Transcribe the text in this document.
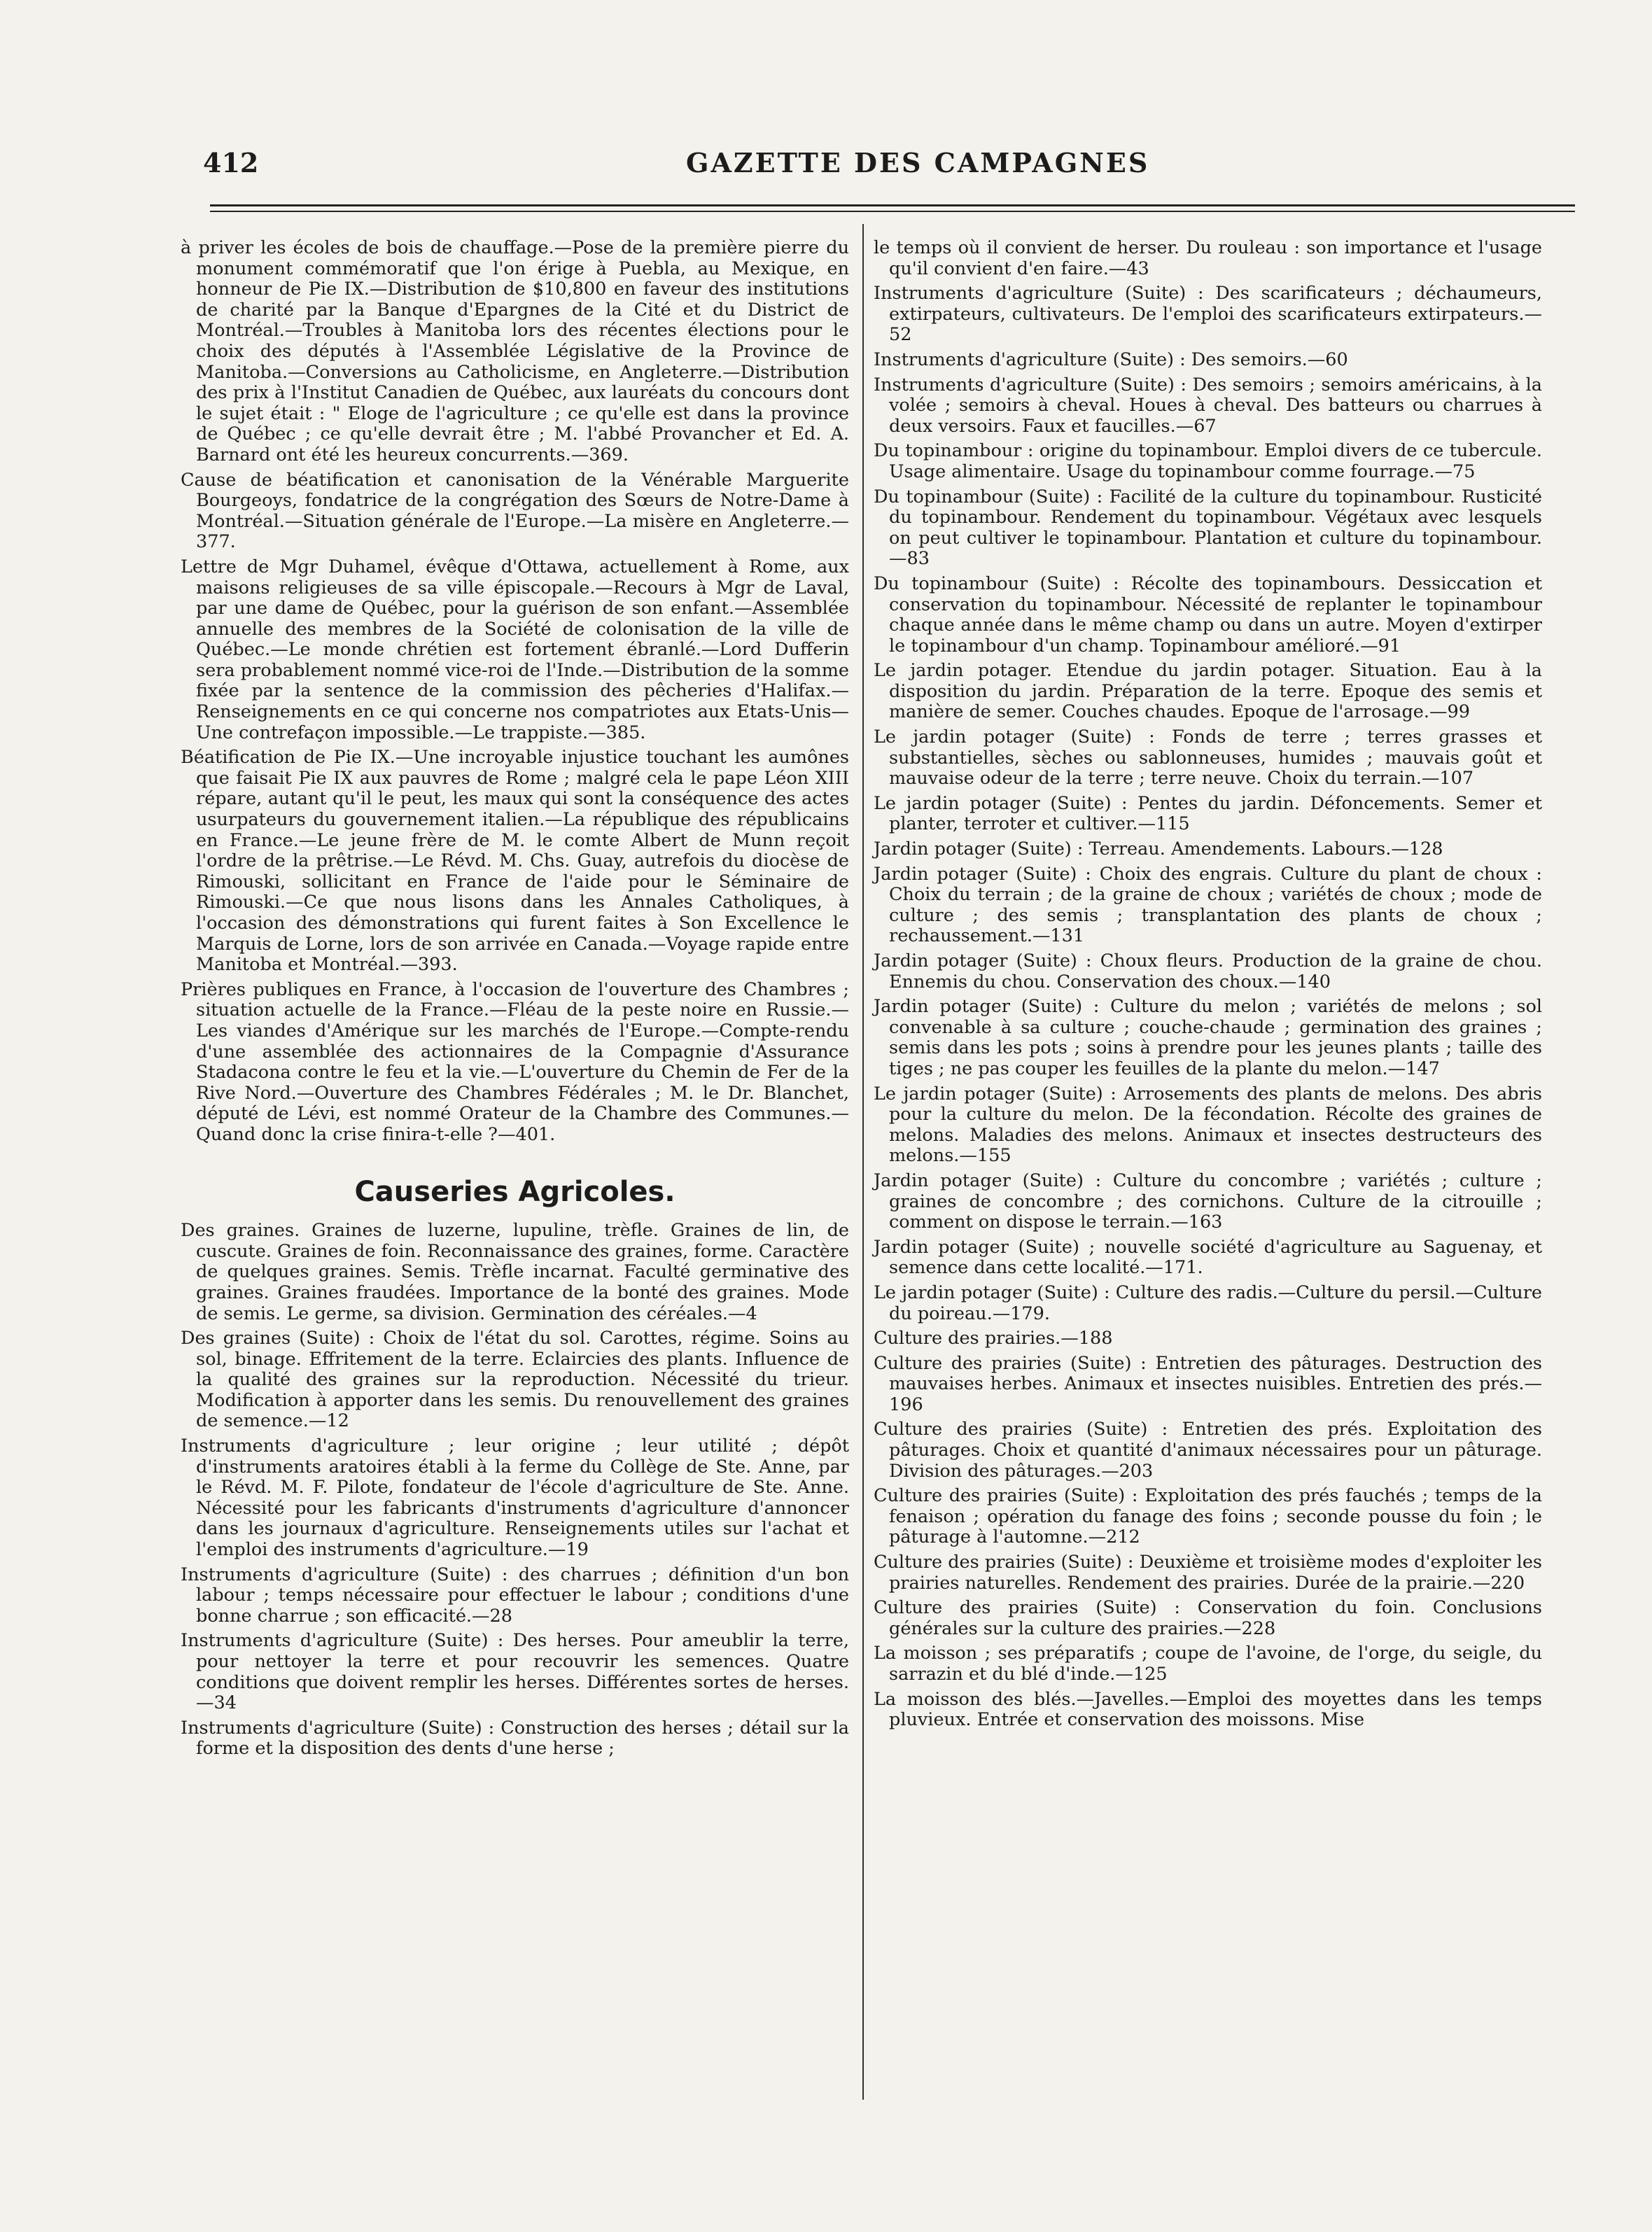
412	GAZETTE DES CAMPAGNES

à priver les écoles de bois de chauffage.—Pose de la première pierre du monument commémoratif que l'on érige à Puebla, au Mexique, en honneur de Pie IX.—Distribution de $10,800 en faveur des institutions de charité par la Banque d'Epargnes de la Cité et du District de Montréal.—Troubles à Manitoba lors des récentes élections pour le choix des députés à l'Assemblée Législative de la Province de Manitoba.—Conversions au Catholicisme, en Angleterre.—Distribution des prix à l'Institut Canadien de Québec, aux lauréats du concours dont le sujet était : " Eloge de l'agriculture ; ce qu'elle est dans la province de Québec ; ce qu'elle devrait être ; M. l'abbé Provancher et Ed. A. Barnard ont été les heureux concurrents.—369.

Cause de béatification et canonisation de la Vénérable Marguerite Bourgeoys, fondatrice de la congrégation des Sœurs de Notre-Dame à Montréal.—Situation générale de l'Europe.—La misère en Angleterre.—377.

Lettre de Mgr Duhamel, évêque d'Ottawa, actuellement à Rome, aux maisons religieuses de sa ville épiscopale.—Recours à Mgr de Laval, par une dame de Québec, pour la guérison de son enfant.—Assemblée annuelle des membres de la Société de colonisation de la ville de Québec.—Le monde chrétien est fortement ébranlé.—Lord Dufferin sera probablement nommé vice-roi de l'Inde.—Distribution de la somme fixée par la sentence de la commission des pêcheries d'Halifax.—Renseignements en ce qui concerne nos compatriotes aux Etats-Unis—Une contrefaçon impossible.—Le trappiste.—385.

Béatification de Pie IX.—Une incroyable injustice touchant les aumônes que faisait Pie IX aux pauvres de Rome ; malgré cela le pape Léon XIII répare, autant qu'il le peut, les maux qui sont la conséquence des actes usurpateurs du gouvernement italien.—La république des républicains en France.—Le jeune frère de M. le comte Albert de Munn reçoit l'ordre de la prêtrise.—Le Révd. M. Chs. Guay, autrefois du diocèse de Rimouski, sollicitant en France de l'aide pour le Séminaire de Rimouski.—Ce que nous lisons dans les Annales Catholiques, à l'occasion des démonstrations qui furent faites à Son Excellence le Marquis de Lorne, lors de son arrivée en Canada.—Voyage rapide entre Manitoba et Montréal.—393.

Prières publiques en France, à l'occasion de l'ouverture des Chambres ; situation actuelle de la France.—Fléau de la peste noire en Russie.—Les viandes d'Amérique sur les marchés de l'Europe.—Compte-rendu d'une assemblée des actionnaires de la Compagnie d'Assurance Stadacona contre le feu et la vie.—L'ouverture du Chemin de Fer de la Rive Nord.—Ouverture des Chambres Fédérales ; M. le Dr. Blanchet, député de Lévi, est nommé Orateur de la Chambre des Communes.—Quand donc la crise finira-t-elle ?—401.

Causeries Agricoles.

Des graines. Graines de luzerne, lupuline, trèfle. Graines de lin, de cuscute. Graines de foin. Reconnaissance des graines, forme. Caractère de quelques graines. Semis. Trèfle incarnat. Faculté germinative des graines. Graines fraudées. Importance de la bonté des graines. Mode de semis. Le germe, sa division. Germination des céréales.—4

Des graines (Suite) : Choix de l'état du sol. Carottes, régime. Soins au sol, binage. Effritement de la terre. Eclaircies des plants. Influence de la qualité des graines sur la reproduction. Nécessité du trieur. Modification à apporter dans les semis. Du renouvellement des graines de semence.—12

Instruments d'agriculture ; leur origine ; leur utilité ; dépôt d'instruments aratoires établi à la ferme du Collège de Ste. Anne, par le Révd. M. F. Pilote, fondateur de l'école d'agriculture de Ste. Anne. Nécessité pour les fabricants d'instruments d'agriculture d'annoncer dans les journaux d'agriculture. Renseignements utiles sur l'achat et l'emploi des instruments d'agriculture.—19

Instruments d'agriculture (Suite) : des charrues ; définition d'un bon labour ; temps nécessaire pour effectuer le labour ; conditions d'une bonne charrue ; son efficacité.—28

Instruments d'agriculture (Suite) : Des herses. Pour ameublir la terre, pour nettoyer la terre et pour recouvrir les semences. Quatre conditions que doivent remplir les herses. Différentes sortes de herses.—34

Instruments d'agriculture (Suite) : Construction des herses ; détail sur la forme et la disposition des dents d'une herse ;

le temps où il convient de herser. Du rouleau : son importance et l'usage qu'il convient d'en faire.—43

Instruments d'agriculture (Suite) : Des scarificateurs ; déchaumeurs, extirpateurs, cultivateurs. De l'emploi des scarificateurs extirpateurs.—52

Instruments d'agriculture (Suite) : Des semoirs.—60

Instruments d'agriculture (Suite) : Des semoirs ; semoirs américains, à la volée ; semoirs à cheval. Houes à cheval. Des batteurs ou charrues à deux versoirs. Faux et faucilles.—67

Du topinambour : origine du topinambour. Emploi divers de ce tubercule. Usage alimentaire. Usage du topinambour comme fourrage.—75

Du topinambour (Suite) : Facilité de la culture du topinambour. Rusticité du topinambour. Rendement du topinambour. Végétaux avec lesquels on peut cultiver le topinambour. Plantation et culture du topinambour.—83

Du topinambour (Suite) : Récolte des topinambours. Dessiccation et conservation du topinambour. Nécessité de replanter le topinambour chaque année dans le même champ ou dans un autre. Moyen d'extirper le topinambour d'un champ. Topinambour amélioré.—91

Le jardin potager. Etendue du jardin potager. Situation. Eau à la disposition du jardin. Préparation de la terre. Epoque des semis et manière de semer. Couches chaudes. Epoque de l'arrosage.—99

Le jardin potager (Suite) : Fonds de terre ; terres grasses et substantielles, sèches ou sablonneuses, humides ; mauvais goût et mauvaise odeur de la terre ; terre neuve. Choix du terrain.—107

Le jardin potager (Suite) : Pentes du jardin. Défoncements. Semer et planter, terroter et cultiver.—115

Jardin potager (Suite) : Terreau. Amendements. Labours.—128

Jardin potager (Suite) : Choix des engrais. Culture du plant de choux : Choix du terrain ; de la graine de choux ; variétés de choux ; mode de culture ; des semis ; transplantation des plants de choux ; rechaussement.—131

Jardin potager (Suite) : Choux fleurs. Production de la graine de chou. Ennemis du chou. Conservation des choux.—140

Jardin potager (Suite) : Culture du melon ; variétés de melons ; sol convenable à sa culture ; couche-chaude ; germination des graines ; semis dans les pots ; soins à prendre pour les jeunes plants ; taille des tiges ; ne pas couper les feuilles de la plante du melon.—147

Le jardin potager (Suite) : Arrosements des plants de melons. Des abris pour la culture du melon. De la fécondation. Récolte des graines de melons. Maladies des melons. Animaux et insectes destructeurs des melons.—155

Jardin potager (Suite) : Culture du concombre ; variétés ; culture ; graines de concombre ; des cornichons. Culture de la citrouille ; comment on dispose le terrain.—163

Jardin potager (Suite) ; nouvelle société d'agriculture au Saguenay, et semence dans cette localité.—171.

Le jardin potager (Suite) : Culture des radis.—Culture du persil.—Culture du poireau.—179.

Culture des prairies.—188

Culture des prairies (Suite) : Entretien des pâturages. Destruction des mauvaises herbes. Animaux et insectes nuisibles. Entretien des prés.—196

Culture des prairies (Suite) : Entretien des prés. Exploitation des pâturages. Choix et quantité d'animaux nécessaires pour un pâturage. Division des pâturages.—203

Culture des prairies (Suite) : Exploitation des prés fauchés ; temps de la fenaison ; opération du fanage des foins ; seconde pousse du foin ; le pâturage à l'automne.—212

Culture des prairies (Suite) : Deuxième et troisième modes d'exploiter les prairies naturelles. Rendement des prairies. Durée de la prairie.—220

Culture des prairies (Suite) : Conservation du foin. Conclusions générales sur la culture des prairies.—228

La moisson ; ses préparatifs ; coupe de l'avoine, de l'orge, du seigle, du sarrazin et du blé d'inde.—125

La moisson des blés.—Javelles.—Emploi des moyettes dans les temps pluvieux. Entrée et conservation des moissons. Mise
